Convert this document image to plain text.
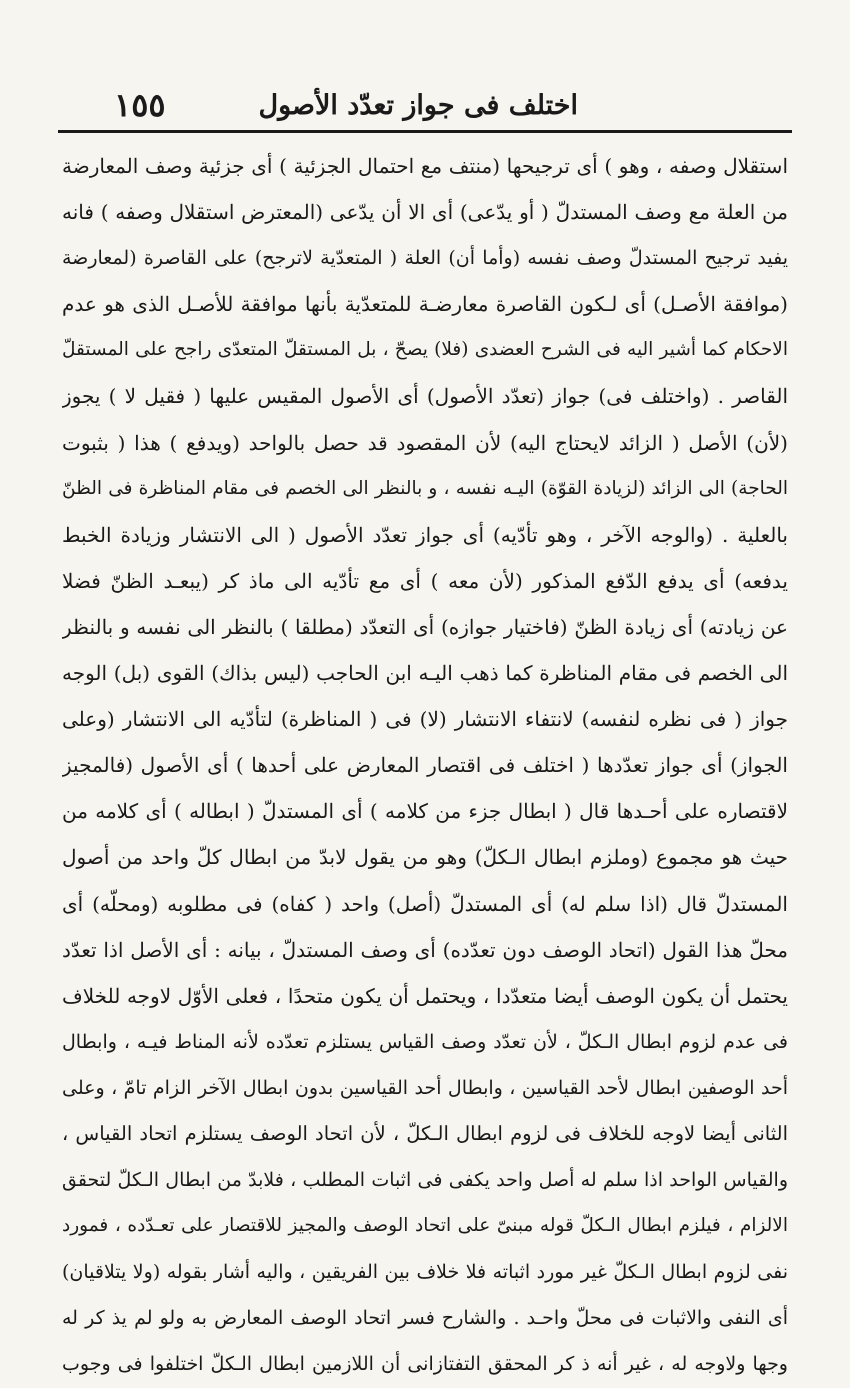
اختلف فى جواز تعدّد الأصول
١٥٥
استقلال وصفه ، وهو ) أى ترجيحها (منتف مع احتمال الجزئية ) أى جزئية وصف المعارضة
من العلة مع وصف المستدلّ ( أو يدّعى) أى الا أن يدّعى (المعترض استقلال وصفه ) فانه
يفيد ترجيح المستدلّ وصف نفسه (وأما أن) العلة ( المتعدّية لاترجح) على القاصرة (لمعارضة
(موافقة الأصـل) أى لـكون القاصرة معارضـة للمتعدّية بأنها موافقة للأصـل الذى هو عدم
الاحكام كما أشير اليه فى الشرح العضدى (فلا) يصحّ ، بل المستقلّ المتعدّى راجح على المستقلّ
القاصر . (واختلف فى) جواز (تعدّد الأصول) أى الأصول المقيس عليها ( فقيل لا ) يجوز
(لأن) الأصل ( الزائد لايحتاج اليه) لأن المقصود قد حصل بالواحد (ويدفع ) هذا ( بثبوت
الحاجة) الى الزائد (لزيادة القوّة) اليـه نفسه ، و بالنظر الى الخصم فى مقام المناظرة فى الظنّ
بالعلية . (والوجه الآخر ، وهو تأدّيه) أى جواز تعدّد الأصول ( الى الانتشار وزيادة الخبط
يدفعه) أى يدفع الدّفع المذكور (لأن معه ) أى مع تأدّيه الى ماذ كر (يبعـد الظنّ فضلا
عن زيادته) أى زيادة الظنّ (فاختيار جوازه) أى التعدّد (مطلقا ) بالنظر الى نفسه و بالنظر
الى الخصم فى مقام المناظرة كما ذهب اليـه ابن الحاجب (ليس بذاك) القوى (بل) الوجه
جواز ( فى نظره لنفسه) لانتفاء الانتشار (لا) فى ( المناظرة) لتأدّيه الى الانتشار (وعلى
الجواز) أى جواز تعدّدها ( اختلف فى اقتصار المعارض على أحدها ) أى الأصول (فالمجيز
لاقتصاره على أحـدها قال ( ابطال جزء من كلامه ) أى المستدلّ ( ابطاله ) أى كلامه من
حيث هو مجموع (وملزم ابطال الـكلّ) وهو من يقول لابدّ من ابطال كلّ واحد من أصول
المستدلّ قال (اذا سلم له) أى المستدلّ (أصل) واحد ( كفاه) فى مطلوبه (ومحلّه) أى
محلّ هذا القول (اتحاد الوصف دون تعدّده) أى وصف المستدلّ ، بيانه : أى الأصل اذا تعدّد
يحتمل أن يكون الوصف أيضا متعدّدا ، ويحتمل أن يكون متحدًا ، فعلى الأوّل لاوجه للخلاف
فى عدم لزوم ابطال الـكلّ ، لأن تعدّد وصف القياس يستلزم تعدّده لأنه المناط فيـه ، وابطال
أحد الوصفين ابطال لأحد القياسين ، وابطال أحد القياسين بدون ابطال الآخر الزام تامّ ، وعلى
الثانى أيضا لاوجه للخلاف فى لزوم ابطال الـكلّ ، لأن اتحاد الوصف يستلزم اتحاد القياس ،
والقياس الواحد اذا سلم له أصل واحد يكفى فى اثبات المطلب ، فلابدّ من ابطال الـكلّ لتحقق
الالزام ، فيلزم ابطال الـكلّ قوله مبنىّ على اتحاد الوصف والمجيز للاقتصار على تعـدّده ، فمورد
نفى لزوم ابطال الـكلّ غير مورد اثباته فلا خلاف بين الفريقين ، واليه أشار بقوله (ولا يتلاقيان)
أى النفى والاثبات فى محلّ واحـد . والشارح فسر اتحاد الوصف المعارض به ولو لم يذ كر له
وجها ولاوجه له ، غير أنه ذ كر المحقق التفتازانى أن اللازمين ابطال الـكلّ اختلفوا فى وجوب
